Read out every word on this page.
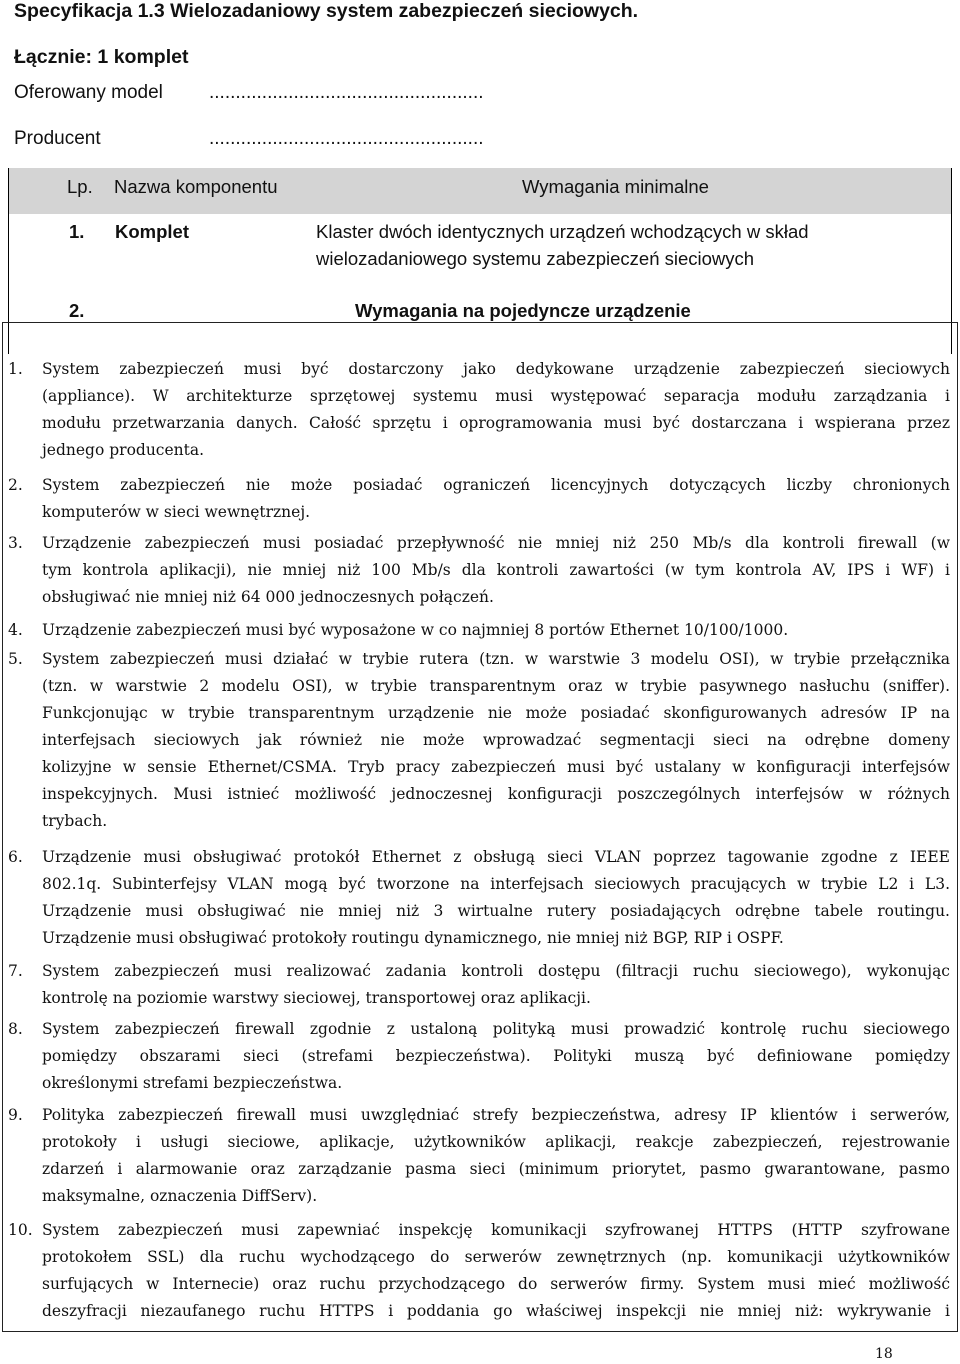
Specyfikacja 1.3 Wielozadaniowy system zabezpieczeń sieciowych.
Łącznie: 1 komplet
Oferowany model ....................................................
Producent	....................................................
Lp. Nazwa komponentu	Wymagania minimalne
1. Komplet	Klaster dwóch identycznych urządzeń wchodzących w skład
wielozadaniowego systemu zabezpieczeń sieciowych
2.	Wymagania na pojedyncze urządzenie
1. System zabezpieczeń musi być dostarczony jako dedykowane urządzenie zabezpieczeń sieciowych
(appliance). W architekturze sprzętowej systemu musi występować separacja modułu zarządzania i
modułu przetwarzania danych. Całość sprzętu i oprogramowania musi być dostarczana i wspierana przez
jednego producenta.
2. System zabezpieczeń nie może posiadać ograniczeń licencyjnych dotyczących liczby chronionych
komputerów w sieci wewnętrznej.
3. Urządzenie zabezpieczeń musi posiadać przepływność nie mniej niż 250 Mb/s dla kontroli firewall (w
tym kontrola aplikacji), nie mniej niż 100 Mb/s dla kontroli zawartości (w tym kontrola AV, IPS i WF) i
obsługiwać nie mniej niż 64 000 jednoczesnych połączeń.
4. Urządzenie zabezpieczeń musi być wyposażone w co najmniej 8 portów Ethernet 10/100/1000.
5. System zabezpieczeń musi działać w trybie rutera (tzn. w warstwie 3 modelu OSI), w trybie przełącznika
(tzn. w warstwie 2 modelu OSI), w trybie transparentnym oraz w trybie pasywnego nasłuchu (sniffer).
Funkcjonując w trybie transparentnym urządzenie nie może posiadać skonfigurowanych adresów IP na
interfejsach sieciowych jak również nie może wprowadzać segmentacji sieci na odrębne domeny
kolizyjne w sensie Ethernet/CSMA. Tryb pracy zabezpieczeń musi być ustalany w konfiguracji interfejsów
inspekcyjnych. Musi istnieć możliwość jednoczesnej konfiguracji poszczególnych interfejsów w różnych
trybach.
6. Urządzenie musi obsługiwać protokół Ethernet z obsługą sieci VLAN poprzez tagowanie zgodne z IEEE
802.1q. Subinterfejsy VLAN mogą być tworzone na interfejsach sieciowych pracujących w trybie L2 i L3.
Urządzenie musi obsługiwać nie mniej niż 3 wirtualne rutery posiadających odrębne tabele routingu.
Urządzenie musi obsługiwać protokoły routingu dynamicznego, nie mniej niż BGP, RIP i OSPF.
7. System zabezpieczeń musi realizować zadania kontroli dostępu (filtracji ruchu sieciowego), wykonując
kontrolę na poziomie warstwy sieciowej, transportowej oraz aplikacji.
8. System zabezpieczeń firewall zgodnie z ustaloną polityką musi prowadzić kontrolę ruchu sieciowego
pomiędzy obszarami sieci (strefami bezpieczeństwa). Polityki muszą być definiowane pomiędzy
określonymi strefami bezpieczeństwa.
9. Polityka zabezpieczeń firewall musi uwzględniać strefy bezpieczeństwa, adresy IP klientów i serwerów,
protokoły i usługi sieciowe, aplikacje, użytkowników aplikacji, reakcje zabezpieczeń, rejestrowanie
zdarzeń i alarmowanie oraz zarządzanie pasma sieci (minimum priorytet, pasmo gwarantowane, pasmo
maksymalne, oznaczenia DiffServ).
10. System zabezpieczeń musi zapewniać inspekcję komunikacji szyfrowanej HTTPS (HTTP szyfrowane
protokołem SSL) dla ruchu wychodzącego do serwerów zewnętrznych (np. komunikacji użytkowników
surfujących w Internecie) oraz ruchu przychodzącego do serwerów firmy. System musi mieć możliwość
deszyfracji niezaufanego ruchu HTTPS i poddania go właściwej inspekcji nie mniej niż: wykrywanie i
18
